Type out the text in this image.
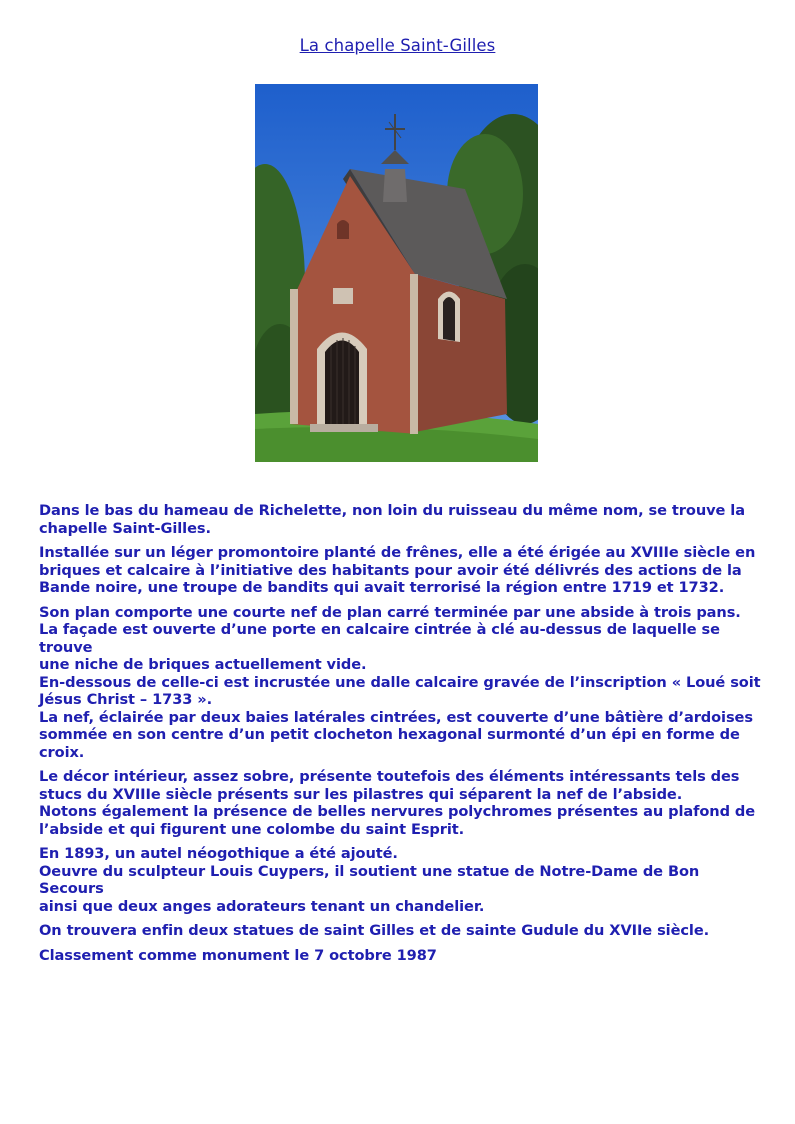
La chapelle Saint-Gilles

Dans le bas du hameau de Richelette, non loin du ruisseau du même nom, se trouve la
chapelle Saint-Gilles.

Installée sur un léger promontoire planté de frênes, elle a été érigée au XVIIIe siècle en
briques et calcaire à l’initiative des habitants pour avoir été délivrés des actions de la
Bande noire, une troupe de bandits qui avait terrorisé la région entre 1719 et 1732.

Son plan comporte une courte nef de plan carré terminée par une abside à trois pans.
La façade est ouverte d’une porte en calcaire cintrée à clé au-dessus de laquelle se trouve
une niche de briques actuellement vide.
En-dessous de celle-ci est incrustée une dalle calcaire gravée de l’inscription « Loué soit
Jésus Christ – 1733 ».
La nef, éclairée par deux baies latérales cintrées, est couverte d’une bâtière d’ardoises
sommée en son centre d’un petit clocheton hexagonal surmonté d’un épi en forme de
croix.

Le décor intérieur, assez sobre, présente toutefois des éléments intéressants tels des
stucs du XVIIIe siècle présents sur les pilastres qui séparent la nef de l’abside.
Notons également la présence de belles nervures polychromes présentes au plafond de
l’abside et qui figurent une colombe du saint Esprit.

En 1893, un autel néogothique a été ajouté.
Oeuvre du sculpteur Louis Cuypers, il soutient une statue de Notre-Dame de Bon Secours
ainsi que deux anges adorateurs tenant un chandelier.

On trouvera enfin deux statues de saint Gilles et de sainte Gudule du XVIIe siècle.

Classement comme monument le 7 octobre 1987
